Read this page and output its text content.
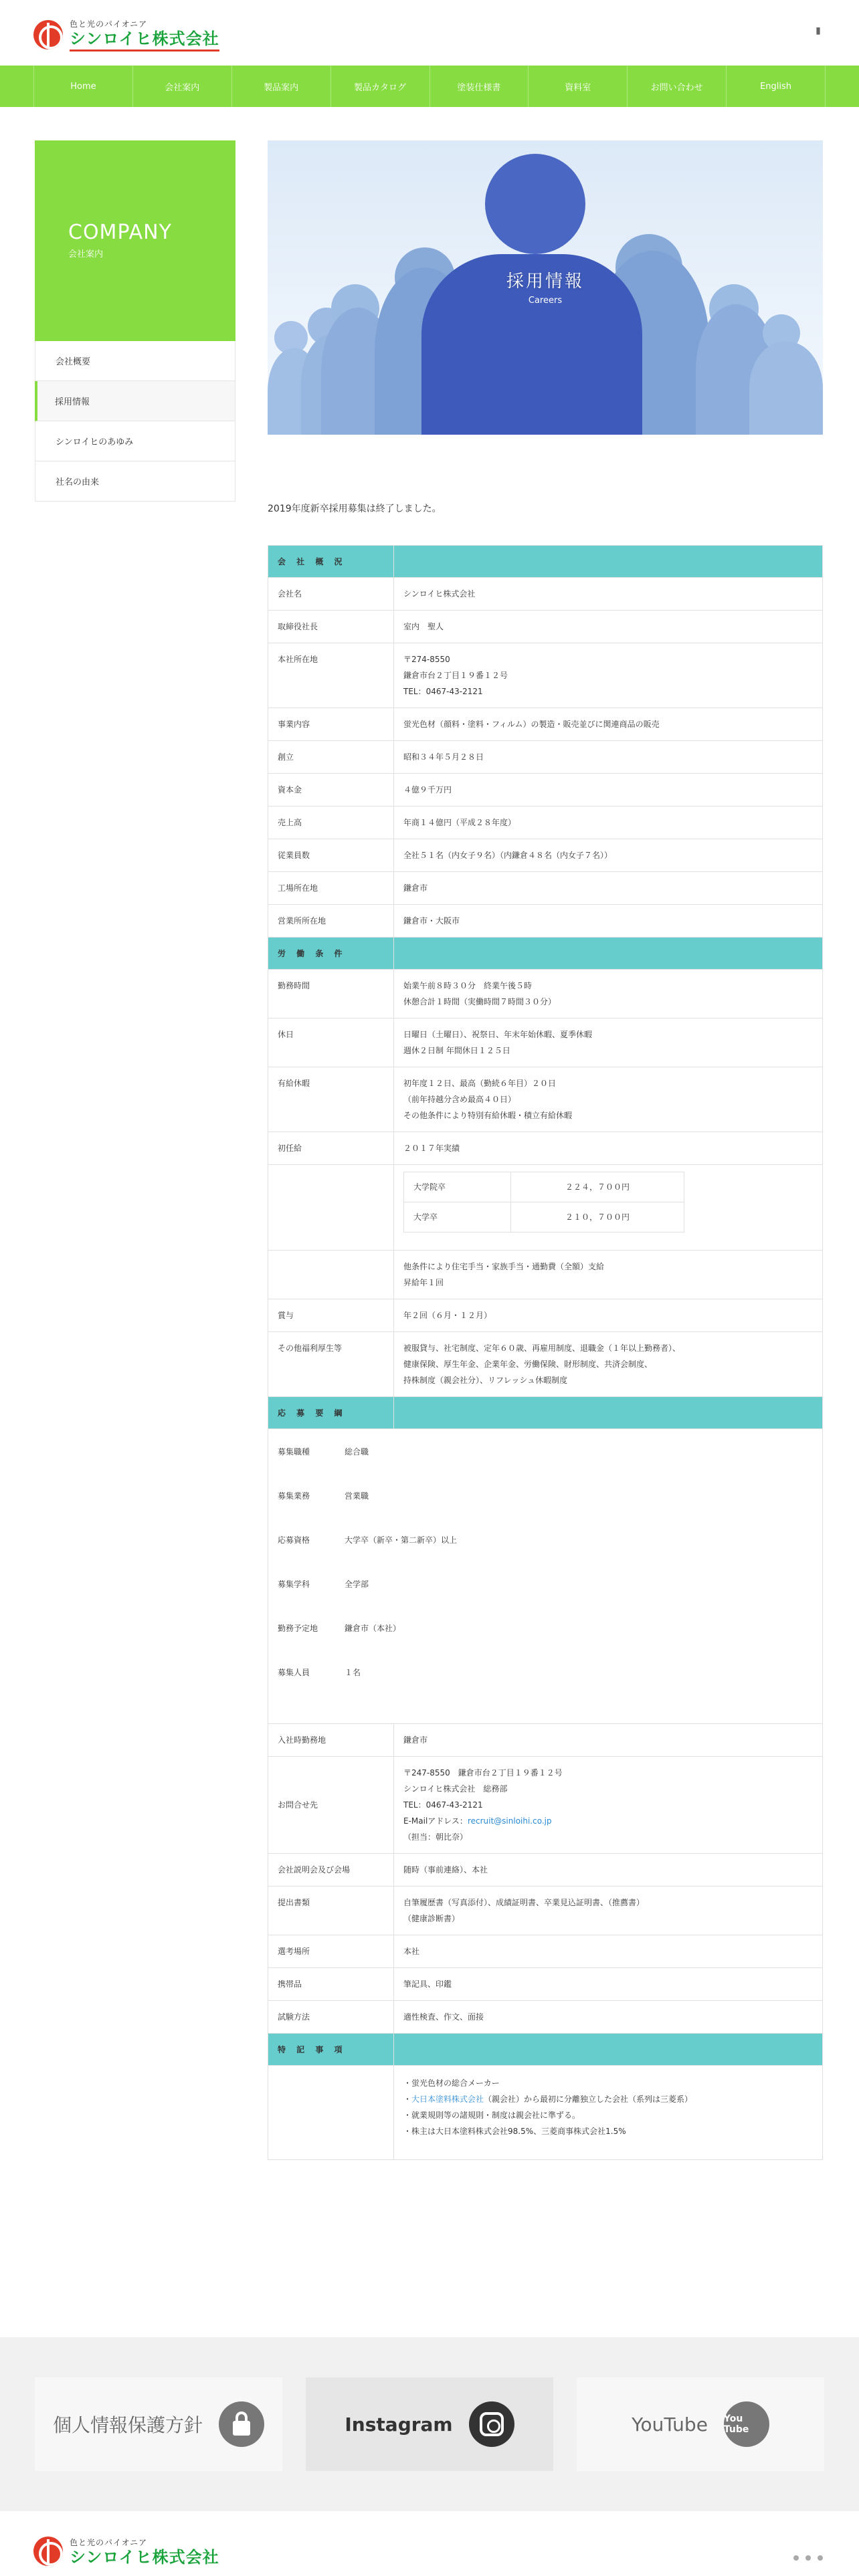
色と光のパイオニア
シンロイヒ株式会社	▮
Home	会社案内	製品案内	製品カタログ	塗装仕様書	資料室	お問い合わせ	English
COMPANY
会社案内
会社概要
採用情報
シンロイヒのあゆみ
社名の由来
採用情報
Careers
2019年度新卒採用募集は終了しました。
会 社 概 況	
会社名	シンロイヒ株式会社

取締役社長	室内　聖人

本社所在地	〒274-8550
鎌倉市台２丁目１９番１２号
TEL：0467-43-2121

事業内容	蛍光色材（顔料・塗料・フィルム）の製造・販売並びに関連商品の販売

創立	昭和３４年５月２８日

資本金	４億９千万円

売上高	年商１４億円（平成２８年度）

従業員数	全社５１名（内女子９名）（内鎌倉４８名（内女子７名））

工場所在地	鎌倉市

営業所所在地	鎌倉市・大阪市

労 働 条 件	
勤務時間	始業午前８時３０分　終業午後５時
休憩合計１時間（実働時間７時間３０分）

休日	日曜日（土曜日）、祝祭日、年末年始休暇、夏季休暇
週休２日制 年間休日１２５日

有給休暇	初年度１２日、最高（勤続６年目）２０日
（前年持越分含め最高４０日）
その他条件により特別有給休暇・積立有給休暇

初任給	２０１７年実績

大学院卒	２２４，７００円
大学卒	２１０，７００円

他条件により住宅手当・家族手当・通勤費（全額）支給
昇給年１回

賞与	年２回（６月・１２月）

その他福利厚生等	被服貸与、社宅制度、定年６０歳、再雇用制度、退職金（１年以上勤務者）、
健康保険、厚生年金、企業年金、労働保険、財形制度、共済会制度、
持株制度（親会社分）、リフレッシュ休暇制度

応 募 要 綱	

募集職種	総合職
募集業務	営業職
応募資格	大学卒（新卒・第二新卒）以上
募集学科	全学部
勤務予定地	鎌倉市（本社）
募集人員	１名

入社時勤務地	鎌倉市

お問合せ先	
〒247-8550　鎌倉市台２丁目１９番１２号
シンロイヒ株式会社　総務部
TEL：0467-43-2121
E-Mailアドレス：recruit@sinloihi.co.jp
（担当：朝比奈）

会社説明会及び会場	随時（事前連絡）、本社

提出書類	自筆履歴書（写真添付）、成績証明書、卒業見込証明書、（推薦書）
（健康診断書）

選考場所	本社

携帯品	筆記具、印鑑

試験方法	適性検査、作文、面接

特 記 事 項	

・蛍光色材の総合メーカー
・大日本塗料株式会社（親会社）から最初に分離独立した会社（系列は三菱系）
・就業規則等の諸規則・制度は親会社に準ずる。
・株主は大日本塗料株式会社98.5%、三菱商事株式会社1.5%
個人情報保護方針	Instagram	YouTube You Tube
色と光のパイオニア
シンロイヒ株式会社
